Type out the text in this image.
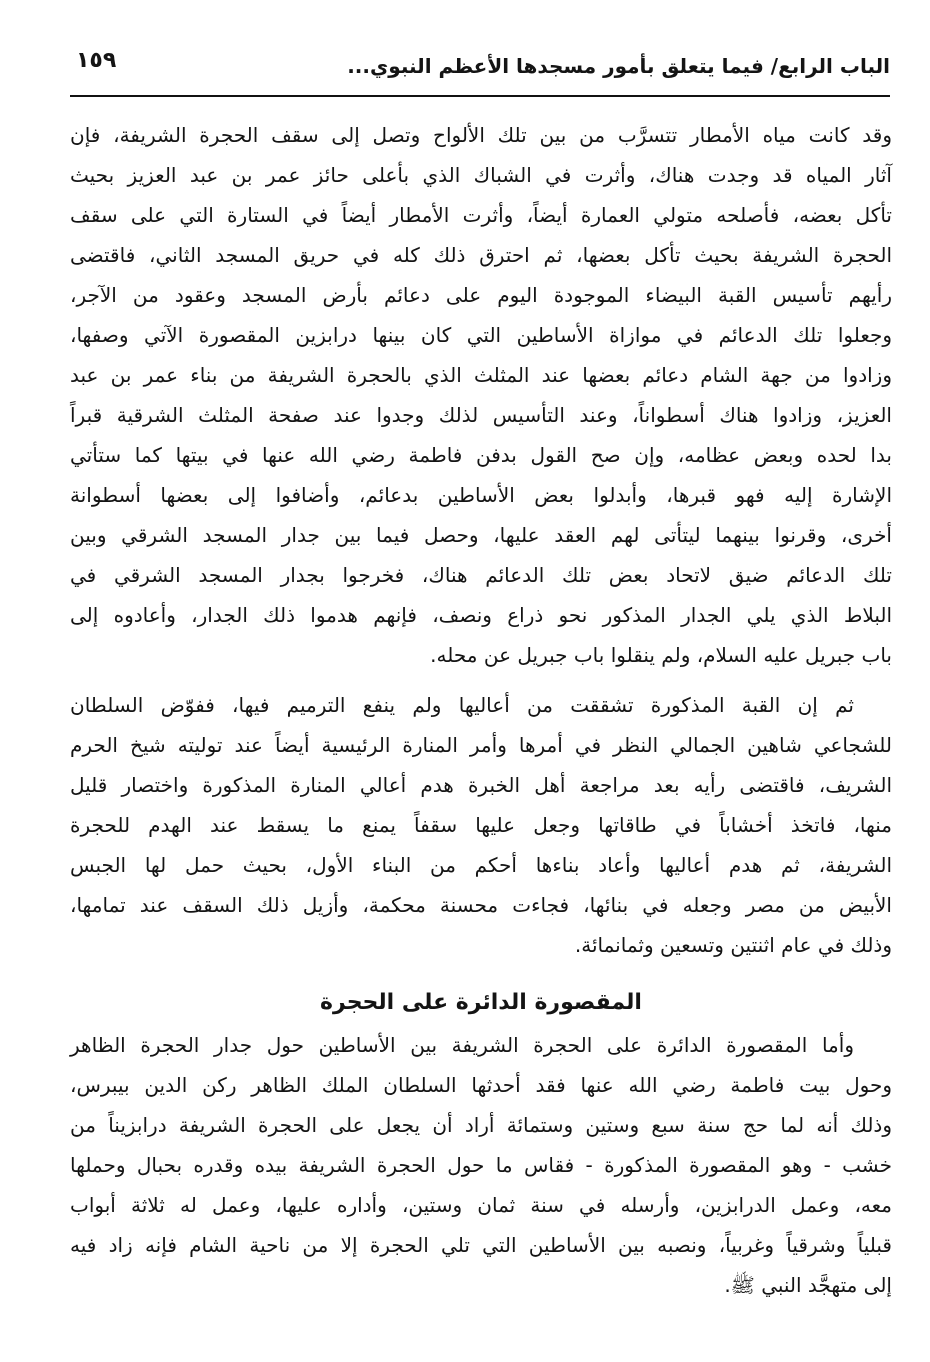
١٥٩	الباب الرابع/ فيما يتعلق بأمور مسجدها الأعظم النبوي...
وقد كانت مياه الأمطار تتسرَّب من بين تلك الألواح وتصل إلى سقف الحجرة الشريفة، فإن
آثار المياه قد وجدت هناك، وأثرت في الشباك الذي بأعلى حائز عمر بن عبد العزيز بحيث
تأكل بعضه، فأصلحه متولي العمارة أيضاً، وأثرت الأمطار أيضاً في الستارة التي على سقف
الحجرة الشريفة بحيث تأكل بعضها، ثم احترق ذلك كله في حريق المسجد الثاني، فاقتضى
رأيهم تأسيس القبة البيضاء الموجودة اليوم على دعائم بأرض المسجد وعقود من الآجر،
وجعلوا تلك الدعائم في موازاة الأساطين التي كان بينها درابزين المقصورة الآتي وصفها،
وزادوا من جهة الشام دعائم بعضها عند المثلث الذي بالحجرة الشريفة من بناء عمر بن عبد
العزيز، وزادوا هناك أسطواناً، وعند التأسيس لذلك وجدوا عند صفحة المثلث الشرقية قبراً
بدا لحده وبعض عظامه، وإن صح القول بدفن فاطمة رضي الله عنها في بيتها كما ستأتي
الإشارة إليه فهو قبرها، وأبدلوا بعض الأساطين بدعائم، وأضافوا إلى بعضها أسطوانة
أخرى، وقرنوا بينهما ليتأتى لهم العقد عليها، وحصل فيما بين جدار المسجد الشرقي وبين
تلك الدعائم ضيق لاتحاد بعض تلك الدعائم هناك، فخرجوا بجدار المسجد الشرقي في
البلاط الذي يلي الجدار المذكور نحو ذراع ونصف، فإنهم هدموا ذلك الجدار، وأعادوه إلى
باب جبريل عليه السلام، ولم ينقلوا باب جبريل عن محله.
ثم إن القبة المذكورة تشققت من أعاليها ولم ينفع الترميم فيها، ففوّض السلطان
للشجاعي شاهين الجمالي النظر في أمرها وأمر المنارة الرئيسية أيضاً عند توليته شيخ الحرم
الشريف، فاقتضى رأيه بعد مراجعة أهل الخبرة هدم أعالي المنارة المذكورة واختصار قليل
منها، فاتخذ أخشاباً في طاقاتها وجعل عليها سقفاً يمنع ما يسقط عند الهدم للحجرة
الشريفة، ثم هدم أعاليها وأعاد بناءها أحكم من البناء الأول، بحيث حمل لها الجبس
الأبيض من مصر وجعله في بنائها، فجاءت محسنة محكمة، وأزيل ذلك السقف عند تمامها،
وذلك في عام اثنتين وتسعين وثمانمائة.
المقصورة الدائرة على الحجرة
وأما المقصورة الدائرة على الحجرة الشريفة بين الأساطين حول جدار الحجرة الظاهر
وحول بيت فاطمة رضي الله عنها فقد أحدثها السلطان الملك الظاهر ركن الدين بيبرس،
وذلك أنه لما حج سنة سبع وستين وستمائة أراد أن يجعل على الحجرة الشريفة درابزيناً من
خشب - وهو المقصورة المذكورة - فقاس ما حول الحجرة الشريفة بيده وقدره بحبال وحملها
معه، وعمل الدرابزين، وأرسله في سنة ثمان وستين، وأداره عليها، وعمل له ثلاثة أبواب
قبلياً وشرقياً وغربياً، ونصبه بين الأساطين التي تلي الحجرة إلا من ناحية الشام فإنه زاد فيه
إلى متهجَّد النبي ﷺ.
